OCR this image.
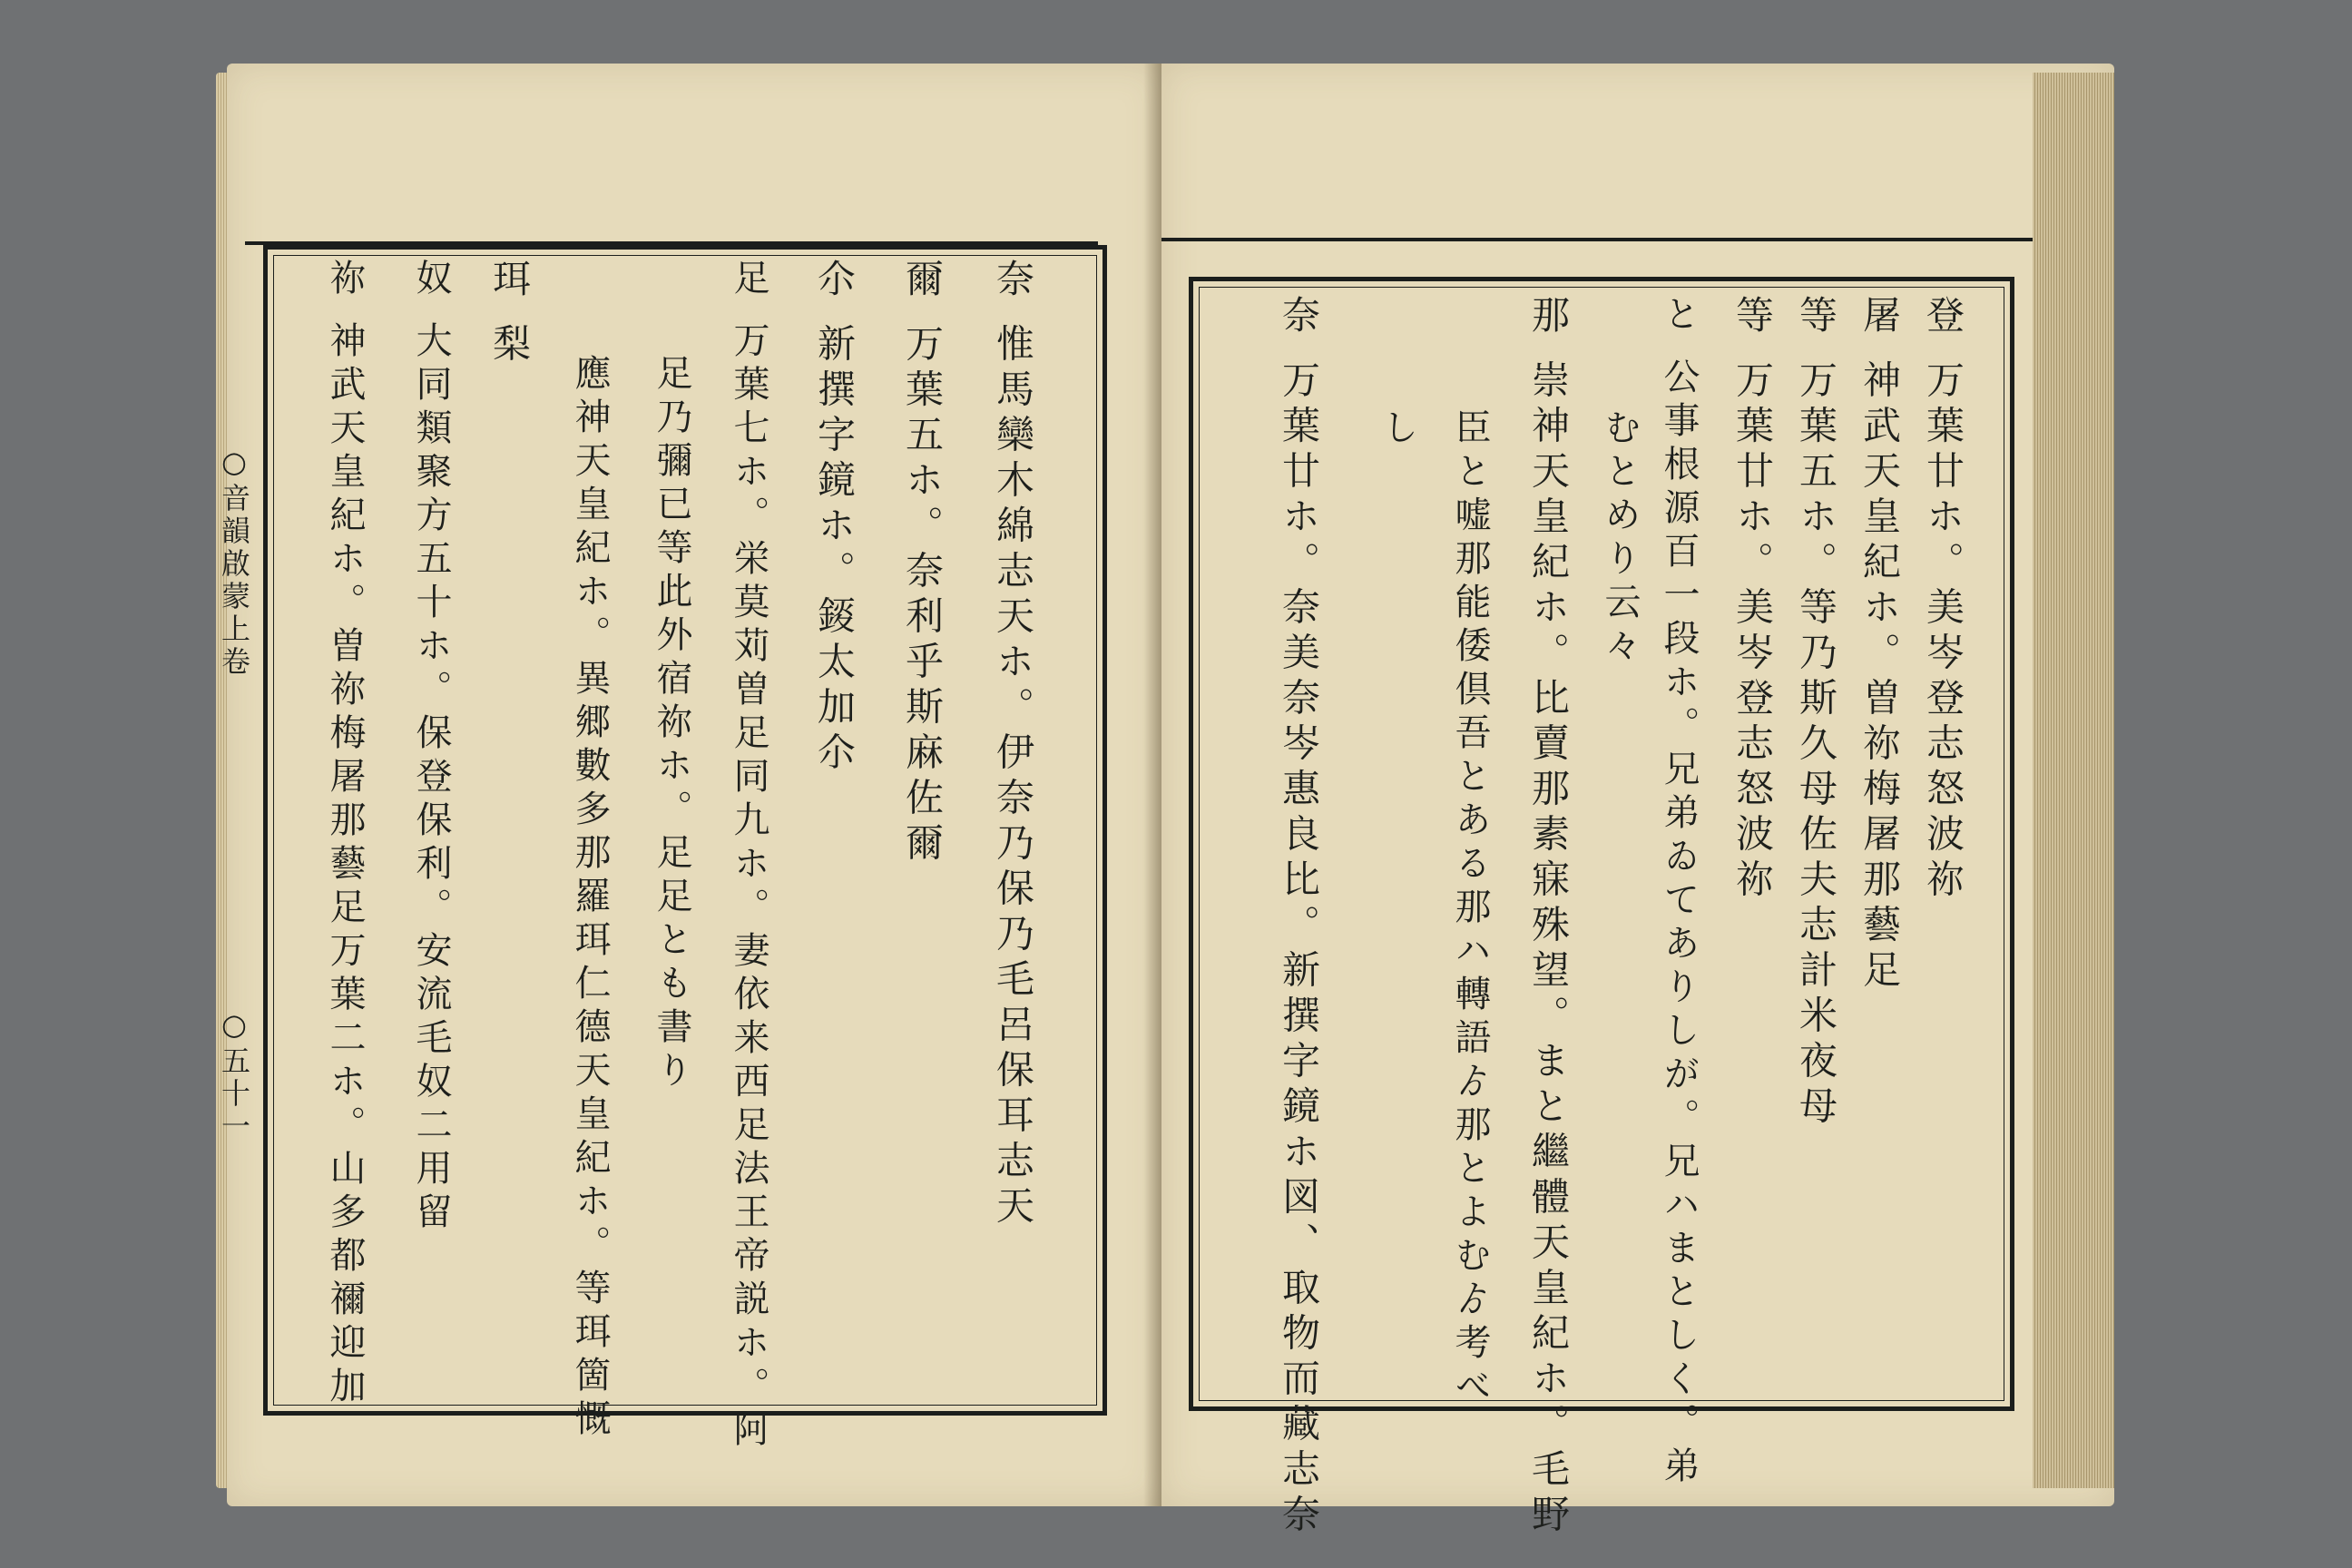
○音韻啟蒙上卷
○五十一	奈 惟馬欒木綿志天ホ。伊奈乃保乃毛呂保耳志天
爾 万葉五ホ。奈利乎斯麻佐爾
尒 新撰字鏡ホ。錽太加尒
足 万葉七ホ。栄莫苅曽足同九ホ。妻依来西足法王帝説ホ。阿
足乃彌已等此外宿祢ホ。足足とも書り
應神天皇紀ホ。異郷數多那羅珥仁德天皇紀ホ。等珥箇慨
珥 梨
奴 大同類聚方五十ホ。保登保利。安流毛奴二用留
祢 神武天皇紀ホ。曽祢梅屠那藝足万葉二ホ。山多都禰迎加	登 万葉廿ホ。美岑登志怒波祢
屠 神武天皇紀ホ。曽祢梅屠那藝足
等 万葉五ホ。等乃斯久母佐夫志計米夜母
等 万葉廿ホ。美岑登志怒波祢
と 公事根源百一段ホ。兄弟ゐてありしが。兄ハまとしく。弟
むとめり云々
那 崇神天皇紀ホ。比賣那素寐殊望。まと繼體天皇紀ホ。毛野
臣と嘘那能倭倶吾とある那ハ轉語ゟ那とよむゟ考べ
し
奈 万葉廿ホ。奈美奈岑惠良比。新撰字鏡ホ図、取物而藏志奈
